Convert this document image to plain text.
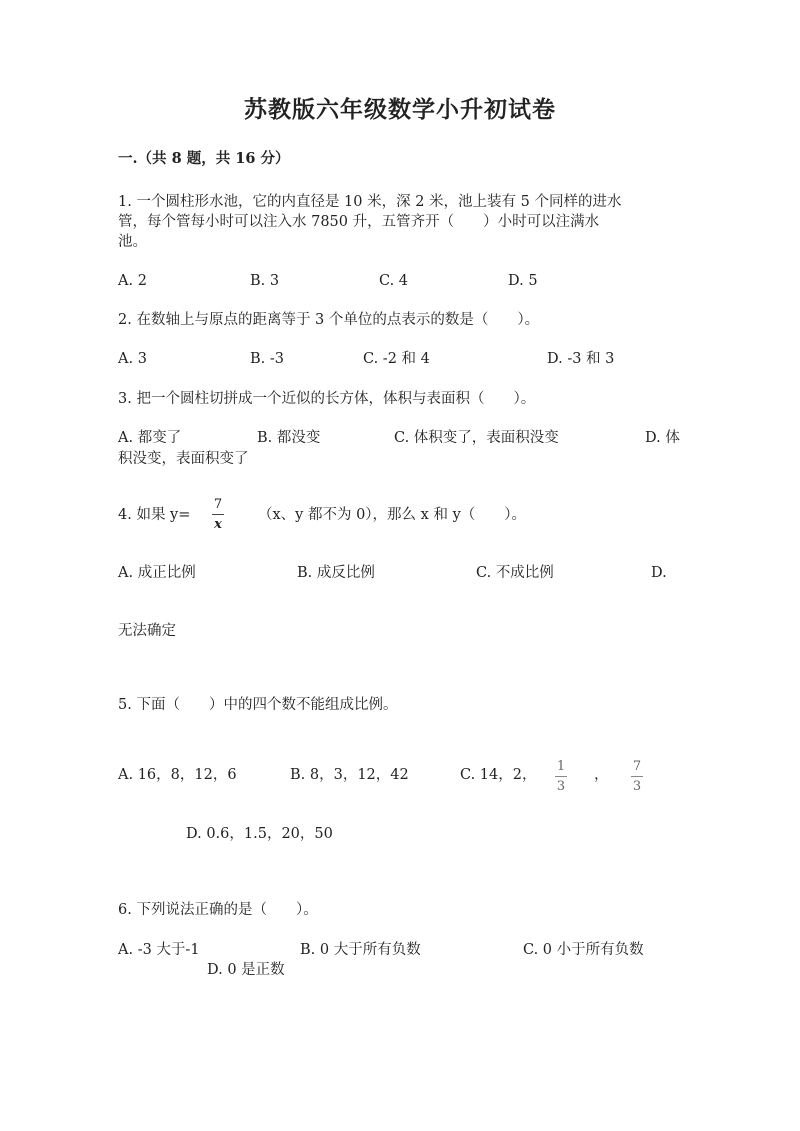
苏教版六年级数学小升初试卷
一.（共 8 题，共 16 分）
1. 一个圆柱形水池，它的内直径是 10 米，深 2 米，池上装有 5 个同样的进水
管，每个管每小时可以注入水 7850 升，五管齐开（　　）小时可以注满水
池。
A. 2	B. 3	C. 4	D. 5
2. 在数轴上与原点的距离等于 3 个单位的点表示的数是（　　）。
A. 3	B. -3	C. -2 和 4	D. -3 和 3
3. 把一个圆柱切拼成一个近似的长方体，体积与表面积（　　）。
A. 都变了	B. 都没变	C. 体积变了，表面积没变	D. 体
积没变，表面积变了
4. 如果 y=
7
x
（x、y 都不为 0），那么 x 和 y（　　）。
A. 成正比例	B. 成反比例	C. 不成比例	D.
无法确定
5. 下面（　　）中的四个数不能组成比例。
A. 16，8，12，6	B. 8，3，12，42	C. 14，2，
1
3
，
7
3
D. 0.6，1.5，20，50
6. 下列说法正确的是（　　）。
A. -3 大于-1	B. 0 大于所有负数	C. 0 小于所有负数
D. 0 是正数
